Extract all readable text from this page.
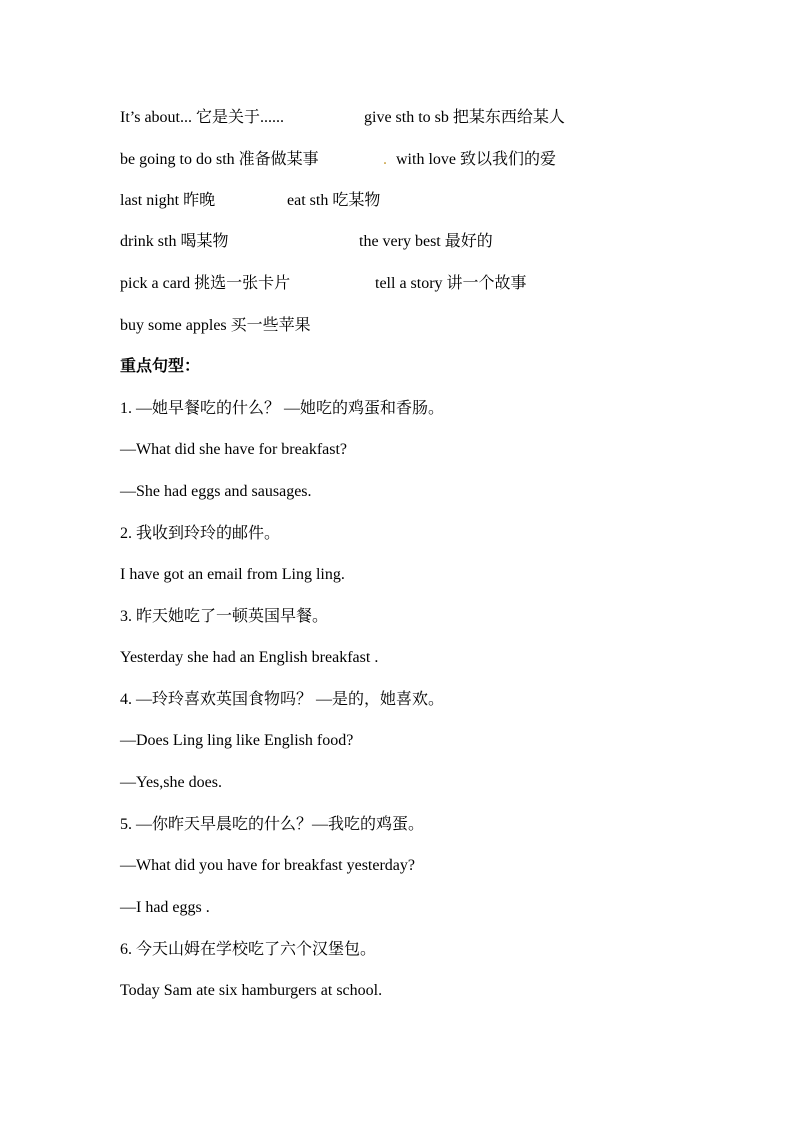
It’s about... 它是关于......	give sth to sb 把某东西给某人
be going to do sth 准备做某事	. with love 致以我们的爱
last night 昨晚	eat sth 吃某物
drink sth 喝某物	the very best 最好的
pick a card 挑选一张卡片	tell a story 讲一个故事
buy some apples 买一些苹果
重点句型：
1. —她早餐吃的什么？ —她吃的鸡蛋和香肠。
—What did she have for breakfast?
—She had eggs and sausages.
2. 我收到玲玲的邮件。
I have got an email from Ling ling.
3. 昨天她吃了一顿英国早餐。
Yesterday she had an English breakfast .
4. —玲玲喜欢英国食物吗？ —是的，她喜欢。
—Does Ling ling like English food?
—Yes,she does.
5. —你昨天早晨吃的什么？—我吃的鸡蛋。
—What did you have for breakfast yesterday?
—I had eggs .
6. 今天山姆在学校吃了六个汉堡包。
Today Sam ate six hamburgers at school.
